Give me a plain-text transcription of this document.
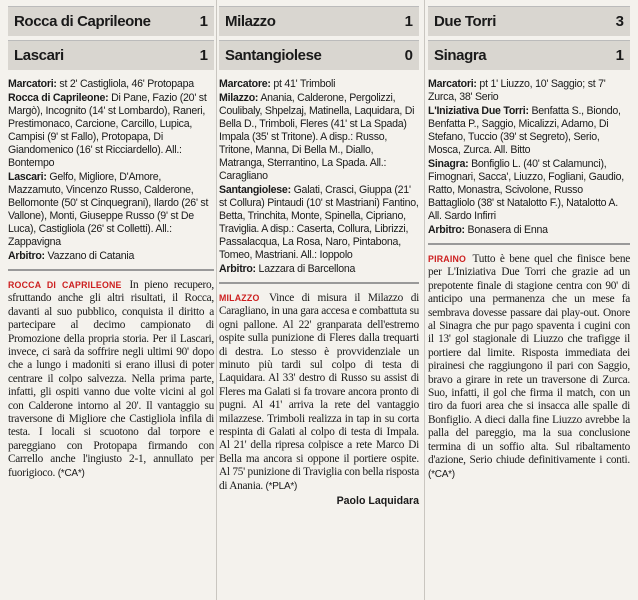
Rocca di Caprileone	1
Lascari	1

Marcatori: st 2' Castigliola, 46' Protopapa

Rocca di Caprileone: Di Pane, Fazio (20' st Margò), Incognito (14' st Lombardo), Raneri, Prestimonaco, Carcione, Carcillo, Lupica, Campisi (9' st Fallo), Protopapa, Di Giandomenico (16' st Ricciardello). All.: Bontempo

Lascari: Gelfo, Migliore, D'Amore, Mazzamuto, Vincenzo Russo, Calderone, Bellomonte (50' st Cinquegrani), Ilardo (26' st Vallone), Monti, Giuseppe Russo (9' st De Luca), Castigliola (26' st Colletti). All.: Zappavigna

Arbitro: Vazzano di Catania

ROCCA DI CAPRILEONE In pieno recupero, sfruttando anche gli altri risultati, il Rocca, davanti al suo pubblico, conquista il diritto a partecipare al decimo campionato di Promozione della propria storia. Per il Lascari, invece, ci sarà da soffrire negli ultimi 90' dopo che a lungo i madoniti si erano illusi di poter centrare il colpo salvezza. Nella prima parte, infatti, gli ospiti vanno due volte vicini al gol con Calderone intorno al 20'. Il vantaggio su traversone di Migliore che Castigliola infila di testa. I locali si scuotono dal torpore e pareggiano con Protopapa firmando con Carrello anche l'ingiusto 2-1, annullato per fuorigioco. (*CA*)
Milazzo	1
Santangiolese	0

Marcatore: pt 41' Trimboli

Milazzo: Anania, Calderone, Pergolizzi, Coulibaly, Shpelzaj, Matinella, Laquidara, Di Bella D., Trimboli, Fleres (41' st La Spada) Impala (35' st Tritone). A disp.: Russo, Tritone, Manna, Di Bella M., Diallo, Matranga, Sterrantino, La Spada. All.: Caragliano

Santangiolese: Galati, Crasci, Giuppa (21' st Collura) Pintaudi (10' st Mastriani) Fantino, Betta, Trinchita, Monte, Spinella, Cipriano, Traviglia. A disp.: Caserta, Collura, Librizzi, Passalacqua, La Rosa, Naro, Pintabona, Tomeo, Mastriani. All.: Ioppolo

Arbitro: Lazzara di Barcellona

MILAZZO Vince di misura il Milazzo di Caragliano, in una gara accesa e combattuta su ogni pallone. Al 22' granparata dell'estremo ospite sulla punizione di Fleres dalla trequarti di destra. Lo stesso è provvidenziale un minuto più tardi sul colpo di testa di Laquidara. Al 33' destro di Russo su assist di Fleres ma Galati si fa trovare ancora pronto di pugni. Al 41' arriva la rete del vantaggio milazzese. Trimboli realizza in tap in su corta respinta di Galati al colpo di testa di Impala. Al 21' della ripresa colpisce a rete Marco Di Bella ma ancora si oppone il portiere ospite. Al 75' punizione di Traviglia con bella risposta di Anania. (*PLA*)
Paolo Laquidara
Due Torri	3
Sinagra	1

Marcatori: pt 1' Liuzzo, 10' Saggio; st 7' Zurca, 38' Serio

L'Iniziativa Due Torri: Benfatta S., Biondo, Benfatta P., Saggio, Micalizzi, Adamo, Di Stefano, Tuccio (39' st Segreto), Serio, Mosca, Zurca. All. Bitto

Sinagra: Bonfiglio L. (40' st Calamunci), Fimognari, Sacca', Liuzzo, Fogliani, Gaudio, Ratto, Monastra, Scivolone, Russo Battagliolo (38' st Natalotto F.), Natalotto A. All. Sardo Infirri

Arbitro: Bonasera di Enna

PIRAINO Tutto è bene quel che finisce bene per L'Iniziativa Due Torri che grazie ad un prepotente finale di stagione centra con 90' di anticipo una permanenza che un mese fa sembrava dovesse passare dai play-out. Onore al Sinagra che pur pago spaventa i cugini con il 13' gol stagionale di Liuzzo che trafigge il portiere dal limite. Risposta immediata dei pirainesi che raggiungono il pari con Saggio, bravo a girare in rete un traversone di Zurca. Suo, infatti, il gol che firma il match, con un tiro da fuori area che si insacca alle spalle di Bonfiglio. A dieci dalla fine Liuzzo avrebbe la palla del pareggio, ma la sua conclusione termina di un soffio alta. Sul ribaltamento d'azione, Serio chiude definitivamente i conti. (*CA*)
